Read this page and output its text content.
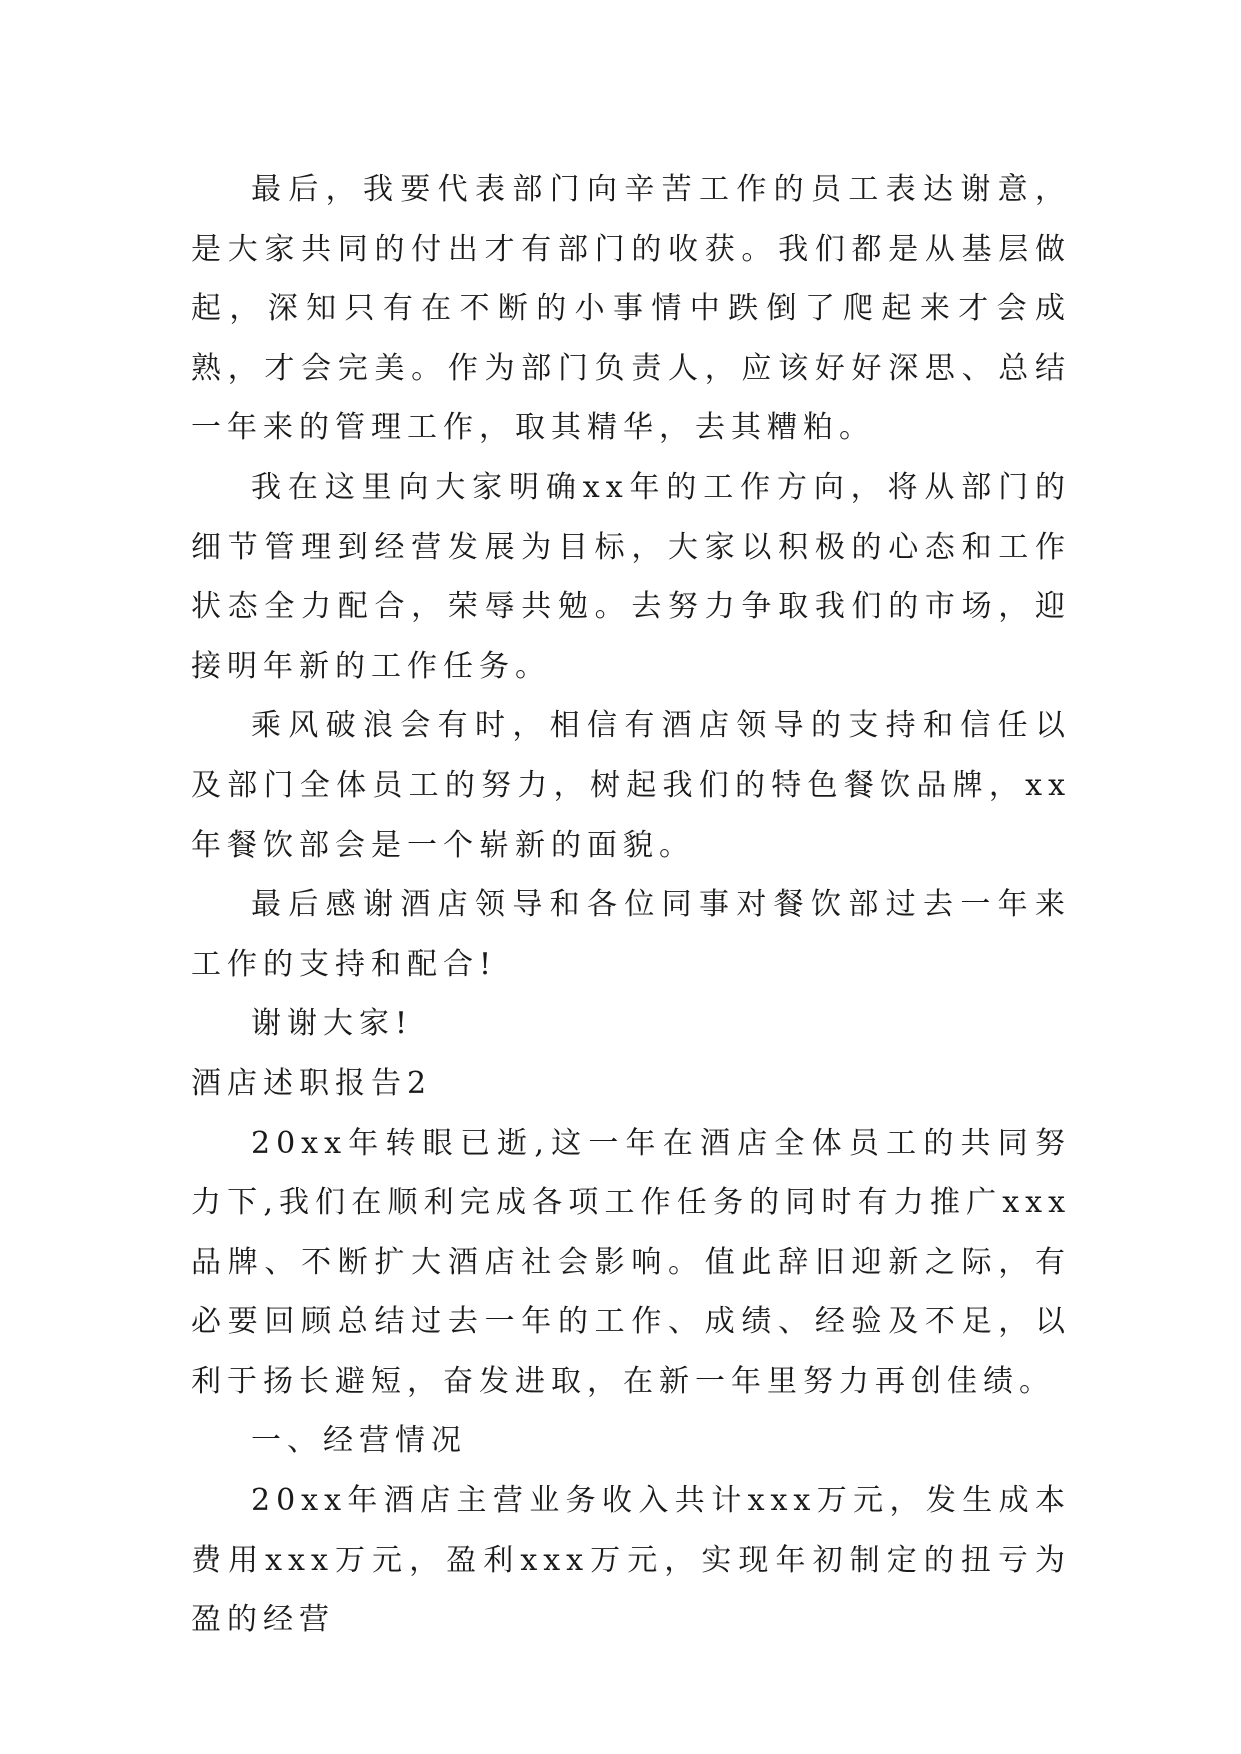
最后，我要代表部门向辛苦工作的员工表达谢意，是大家共同的付出才有部门的收获。我们都是从基层做起，深知只有在不断的小事情中跌倒了爬起来才会成熟，才会完美。作为部门负责人，应该好好深思、总结一年来的管理工作，取其精华，去其糟粕。

我在这里向大家明确xx年的工作方向，将从部门的细节管理到经营发展为目标，大家以积极的心态和工作状态全力配合，荣辱共勉。去努力争取我们的市场，迎接明年新的工作任务。

乘风破浪会有时，相信有酒店领导的支持和信任以及部门全体员工的努力，树起我们的特色餐饮品牌，xx年餐饮部会是一个崭新的面貌。

最后感谢酒店领导和各位同事对餐饮部过去一年来工作的支持和配合!

谢谢大家!

酒店述职报告2

20xx年转眼已逝,这一年在酒店全体员工的共同努力下,我们在顺利完成各项工作任务的同时有力推广xxx品牌、不断扩大酒店社会影响。值此辞旧迎新之际，有必要回顾总结过去一年的工作、成绩、经验及不足，以利于扬长避短，奋发进取，在新一年里努力再创佳绩。

一、经营情况

20xx年酒店主营业务收入共计xxx万元，发生成本费用xxx万元，盈利xxx万元，实现年初制定的扭亏为盈的经营
